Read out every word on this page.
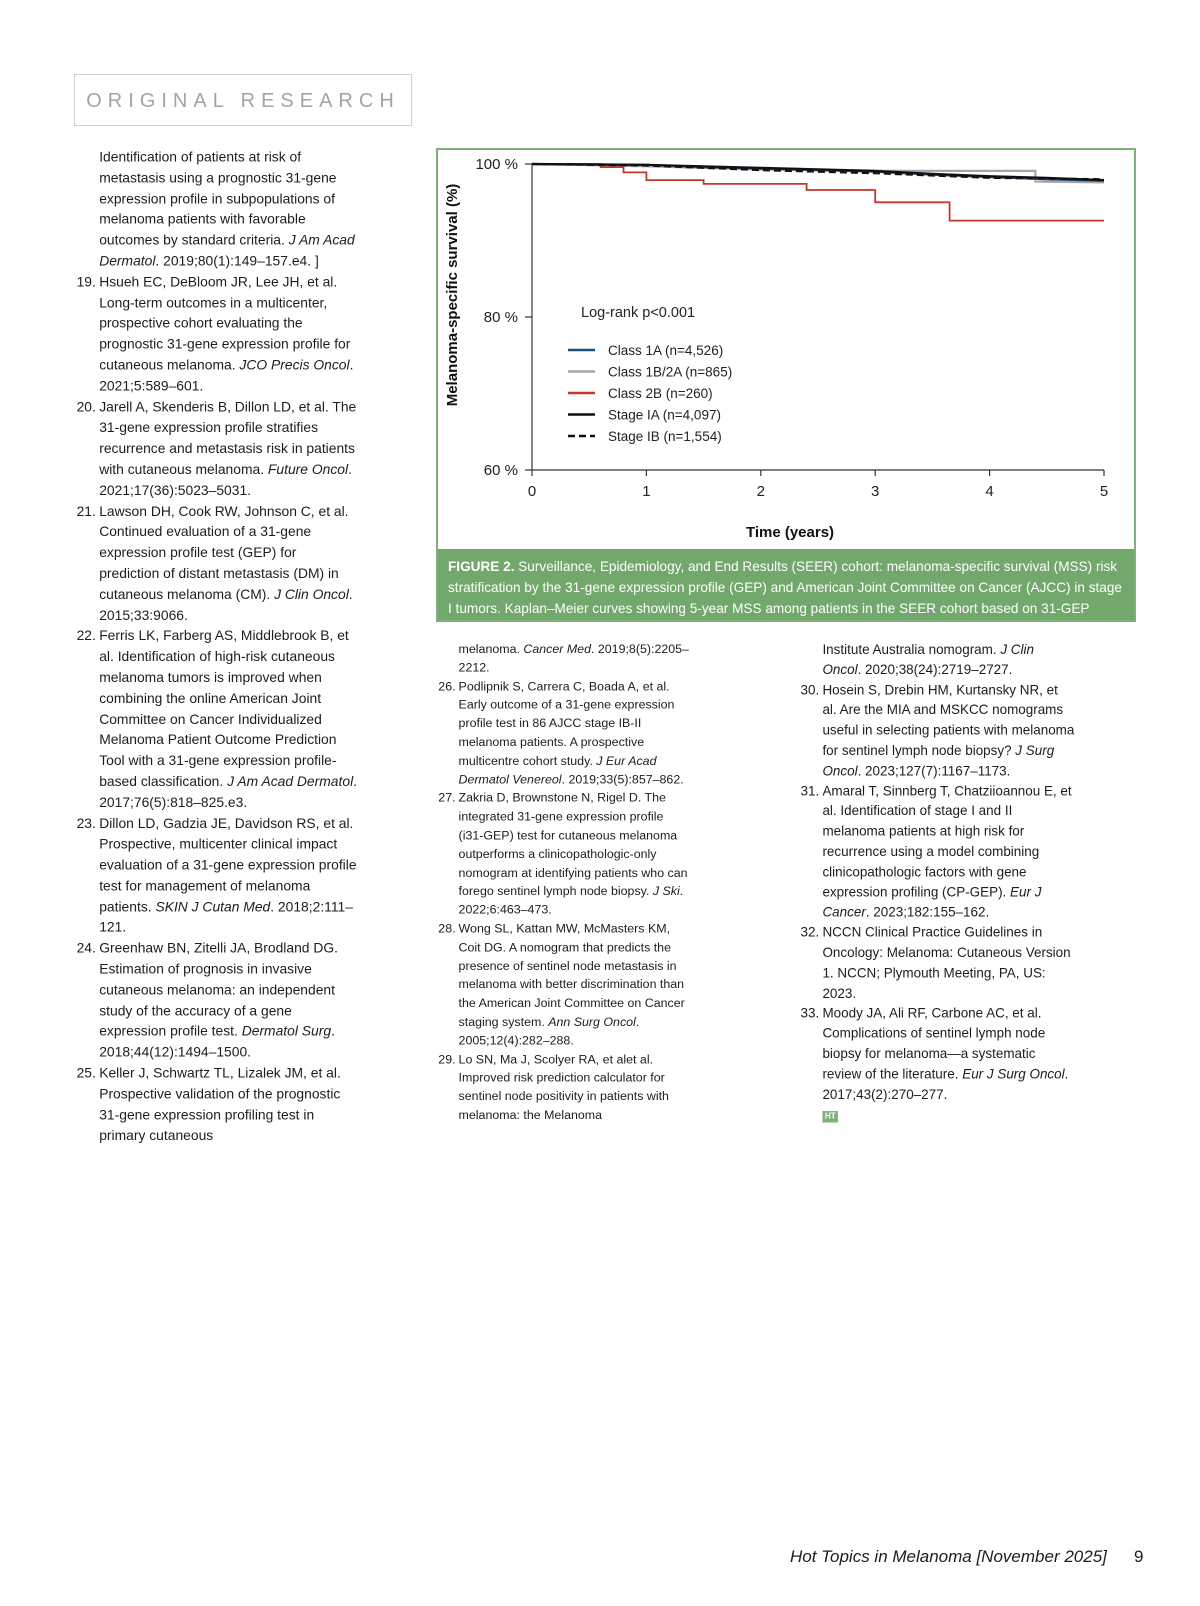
ORIGINAL RESEARCH
Identification of patients at risk of metastasis using a prognostic 31-gene expression profile in subpopulations of melanoma patients with favorable outcomes by standard criteria. J Am Acad Dermatol. 2019;80(1):149–157.e4. ]
19. Hsueh EC, DeBloom JR, Lee JH, et al. Long-term outcomes in a multicenter, prospective cohort evaluating the prognostic 31-gene expression profile for cutaneous melanoma. JCO Precis Oncol. 2021;5:589–601.
20. Jarell A, Skenderis B, Dillon LD, et al. The 31-gene expression profile stratifies recurrence and metastasis risk in patients with cutaneous melanoma. Future Oncol. 2021;17(36):5023–5031.
21. Lawson DH, Cook RW, Johnson C, et al. Continued evaluation of a 31-gene expression profile test (GEP) for prediction of distant metastasis (DM) in cutaneous melanoma (CM). J Clin Oncol. 2015;33:9066.
22. Ferris LK, Farberg AS, Middlebrook B, et al. Identification of high-risk cutaneous melanoma tumors is improved when combining the online American Joint Committee on Cancer Individualized Melanoma Patient Outcome Prediction Tool with a 31-gene expression profile-based classification. J Am Acad Dermatol. 2017;76(5):818–825.e3.
23. Dillon LD, Gadzia JE, Davidson RS, et al. Prospective, multicenter clinical impact evaluation of a 31-gene expression profile test for management of melanoma patients. SKIN J Cutan Med. 2018;2:111–121.
24. Greenhaw BN, Zitelli JA, Brodland DG. Estimation of prognosis in invasive cutaneous melanoma: an independent study of the accuracy of a gene expression profile test. Dermatol Surg. 2018;44(12):1494–1500.
25. Keller J, Schwartz TL, Lizalek JM, et al. Prospective validation of the prognostic 31-gene expression profiling test in primary cutaneous
melanoma. Cancer Med. 2019;8(5):2205–2212.
26. Podlipnik S, Carrera C, Boada A, et al. Early outcome of a 31-gene expression profile test in 86 AJCC stage IB-II melanoma patients. A prospective multicentre cohort study. J Eur Acad Dermatol Venereol. 2019;33(5):857–862.
27. Zakria D, Brownstone N, Rigel D. The integrated 31-gene expression profile (i31-GEP) test for cutaneous melanoma outperforms a clinicopathologic-only nomogram at identifying patients who can forego sentinel lymph node biopsy. J Ski. 2022;6:463–473.
28. Wong SL, Kattan MW, McMasters KM, Coit DG. A nomogram that predicts the presence of sentinel node metastasis in melanoma with better discrimination than the American Joint Committee on Cancer staging system. Ann Surg Oncol. 2005;12(4):282–288.
29. Lo SN, Ma J, Scolyer RA, et alet al. Improved risk prediction calculator for sentinel node positivity in patients with melanoma: the Melanoma
Institute Australia nomogram. J Clin Oncol. 2020;38(24):2719–2727.
30. Hosein S, Drebin HM, Kurtansky NR, et al. Are the MIA and MSKCC nomograms useful in selecting patients with melanoma for sentinel lymph node biopsy? J Surg Oncol. 2023;127(7):1167–1173.
31. Amaral T, Sinnberg T, Chatziioannou E, et al. Identification of stage I and II melanoma patients at high risk for recurrence using a model combining clinicopathologic factors with gene expression profiling (CP-GEP). Eur J Cancer. 2023;182:155–162.
32. NCCN Clinical Practice Guidelines in Oncology: Melanoma: Cutaneous Version 1. NCCN; Plymouth Meeting, PA, US: 2023.
33. Moody JA, Ali RF, Carbone AC, et al. Complications of sentinel lymph node biopsy for melanoma—a systematic review of the literature. Eur J Surg Oncol. 2017;43(2):270–277.
HT
0	1	2	3	4	5
60 %
80 %
100 %
Melanoma-specific survival (%)
Time (years)
Log-rank p<0.001
Class 1A (n=4,526)
Class 1B/2A (n=865)
Class 2B (n=260)
Stage IA (n=4,097)
Stage IB (n=1,554)
FIGURE 2. Surveillance, Epidemiology, and End Results (SEER) cohort: melanoma-specific survival (MSS) risk stratification by the 31-gene expression profile (GEP) and American Joint Committee on Cancer (AJCC) in stage I tumors. Kaplan–Meier curves showing 5-year MSS among patients in the SEER cohort based on 31-GEP result and AJCC stage.
Hot Topics in Melanoma [November 2025] 9
